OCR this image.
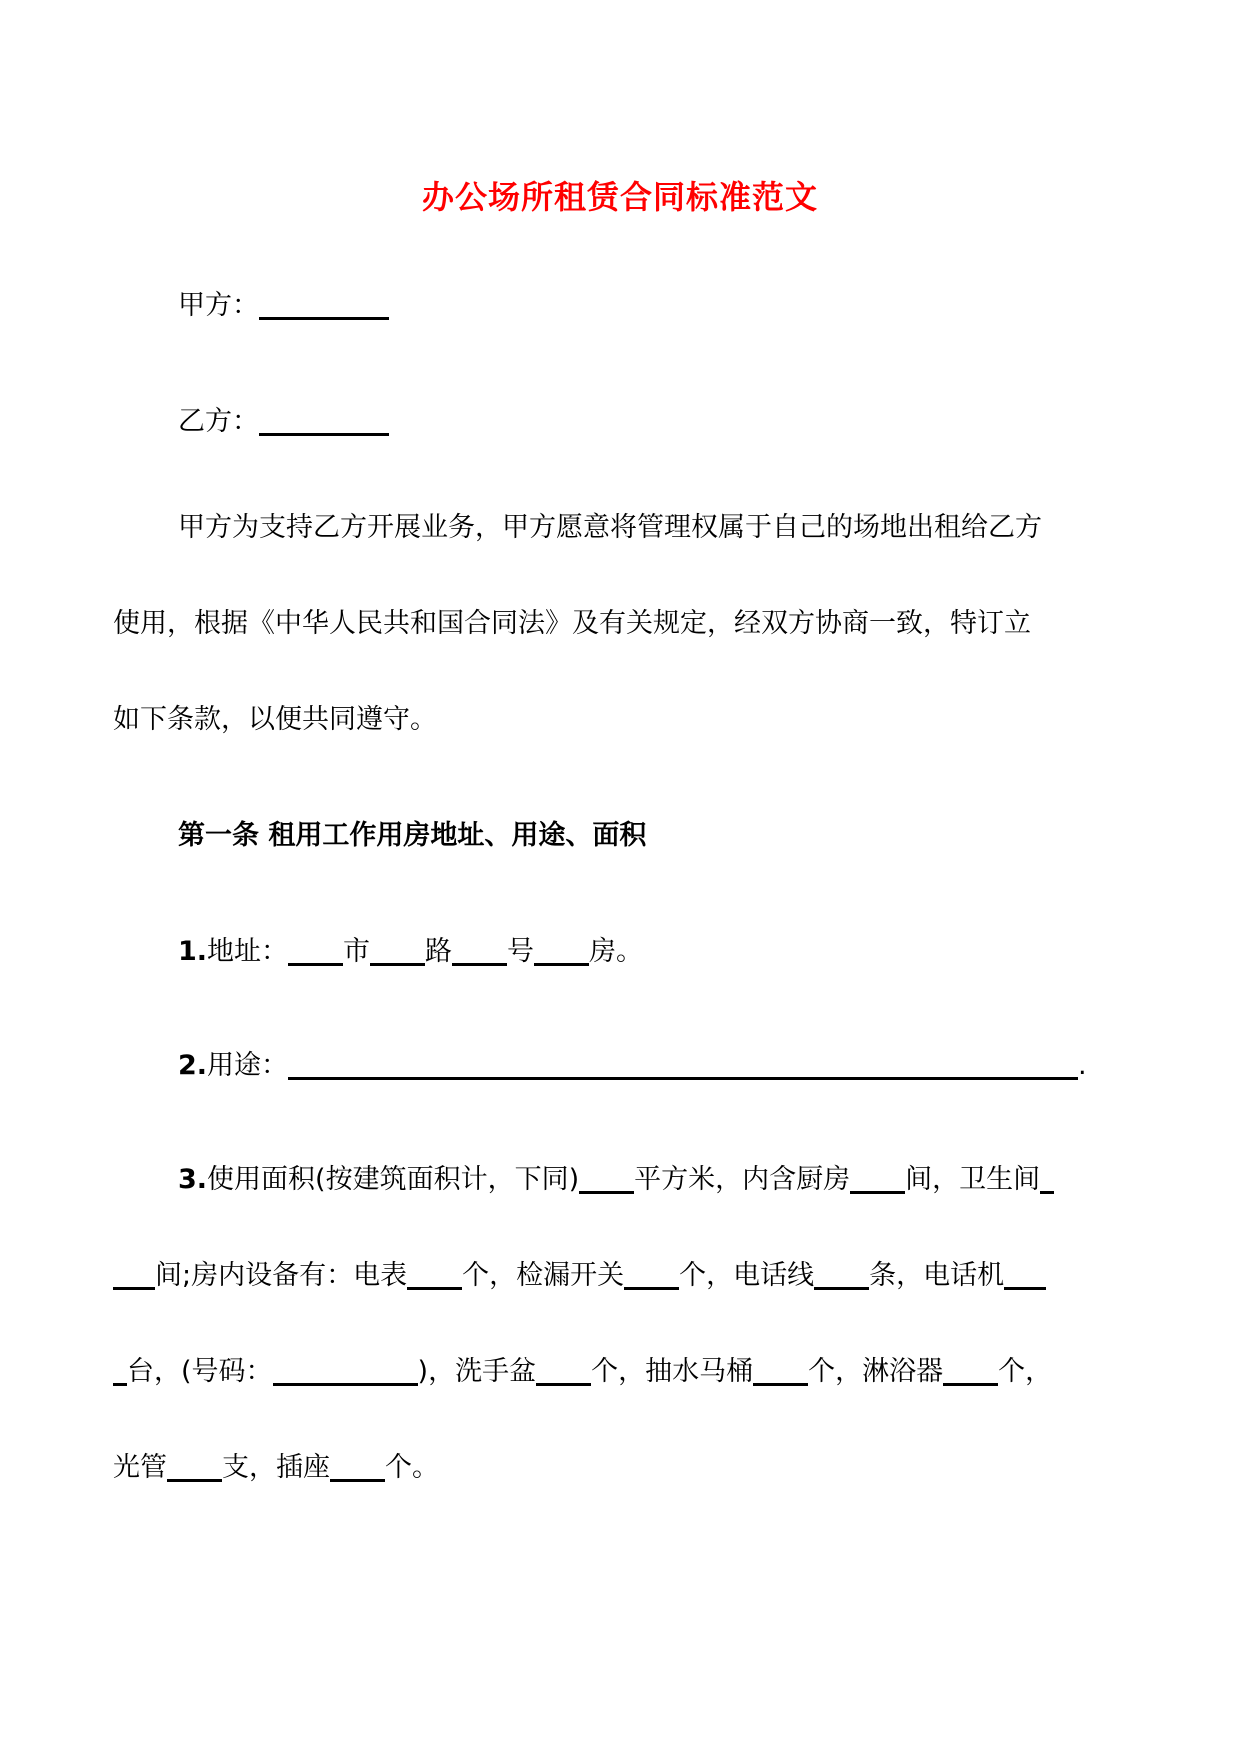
办公场所租赁合同标准范文
甲方：
乙方：
甲方为支持乙方开展业务，甲方愿意将管理权属于自己的场地出租给乙方
使用，根据《中华人民共和国合同法》及有关规定，经双方协商一致，特订立
如下条款，以便共同遵守。
第一条 租用工作用房地址、用途、面积
1.地址： 市 路 号 房。
2.用途：	.
3.使用面积(按建筑面积计，下同) 平方米，内含厨房 间，卫生间
间;房内设备有：电表 个，检漏开关 个，电话线 条，电话机
台，(号码：	)，洗手盆 个，抽水马桶 个，淋浴器 个，
光管 支，插座 个。
